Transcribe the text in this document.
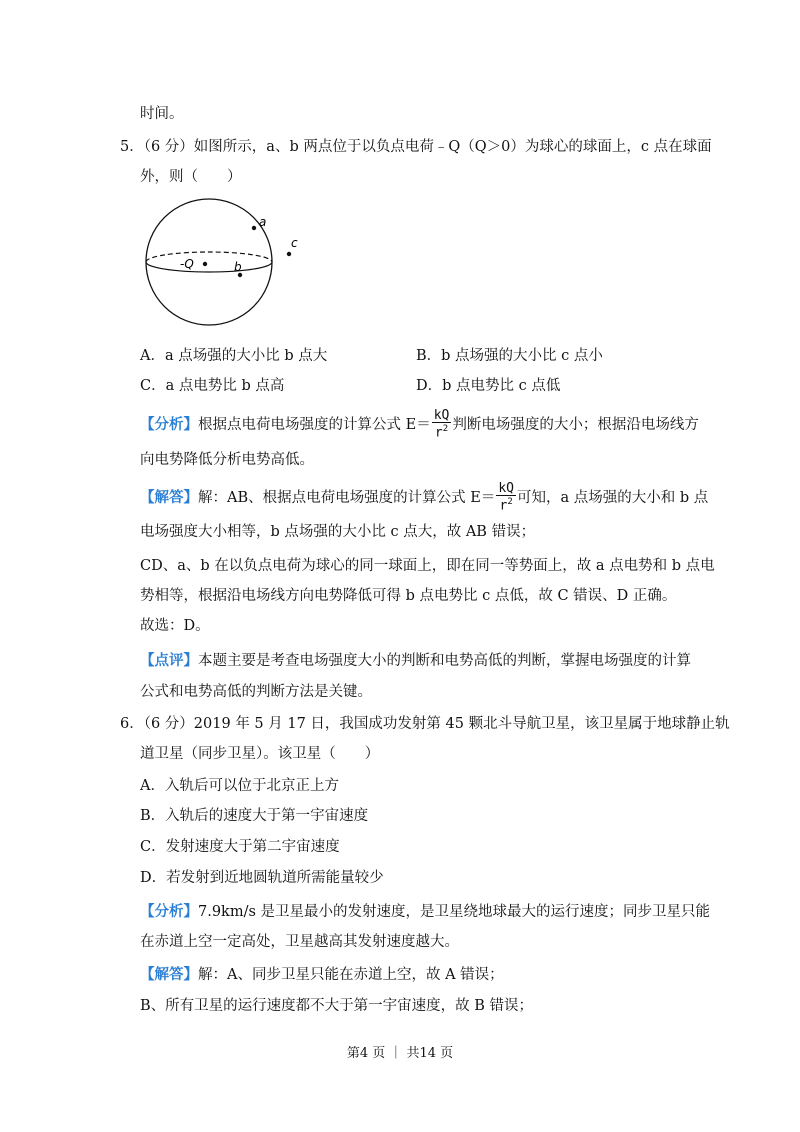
时间。
5．（6 分）如图所示，a、b 两点位于以负点电荷﹣Q（Q＞0）为球心的球面上，c 点在球面
外，则（　　）
a
c
-Q	b
A．a 点场强的大小比 b 点大	B．b 点场强的大小比 c 点小
C．a 点电势比 b 点高	D．b 点电势比 c 点低
【分析】根据点电荷电场强度的计算公式 $E= \frac{kQ}{r^2}$ 判断电场强度的大小；根据沿电场线方
向电势降低分析电势高低。
【解答】解：AB、根据点电荷电场强度的计算公式 $E= \frac{kQ}{r^2}$ 可知，a 点场强的大小和 b 点
电场强度大小相等，b 点场强的大小比 c 点大，故 AB 错误；
CD、a、b 在以负点电荷为球心的同一球面上，即在同一等势面上，故 a 点电势和 b 点电
势相等，根据沿电场线方向电势降低可得 b 点电势比 c 点低，故 C 错误、D 正确。
故选：D。
【点评】本题主要是考查电场强度大小的判断和电势高低的判断，掌握电场强度的计算
公式和电势高低的判断方法是关键。
6．（6 分）2019 年 5 月 17 日，我国成功发射第 45 颗北斗导航卫星，该卫星属于地球静止轨
道卫星（同步卫星）。该卫星（　　）
A．入轨后可以位于北京正上方
B．入轨后的速度大于第一宇宙速度
C．发射速度大于第二宇宙速度
D．若发射到近地圆轨道所需能量较少
【分析】7.9km/s 是卫星最小的发射速度，是卫星绕地球最大的运行速度；同步卫星只能
在赤道上空一定高处，卫星越高其发射速度越大。
【解答】解：A、同步卫星只能在赤道上空，故 A 错误；
B、所有卫星的运行速度都不大于第一宇宙速度，故 B 错误；
第4 页 ｜ 共14 页
